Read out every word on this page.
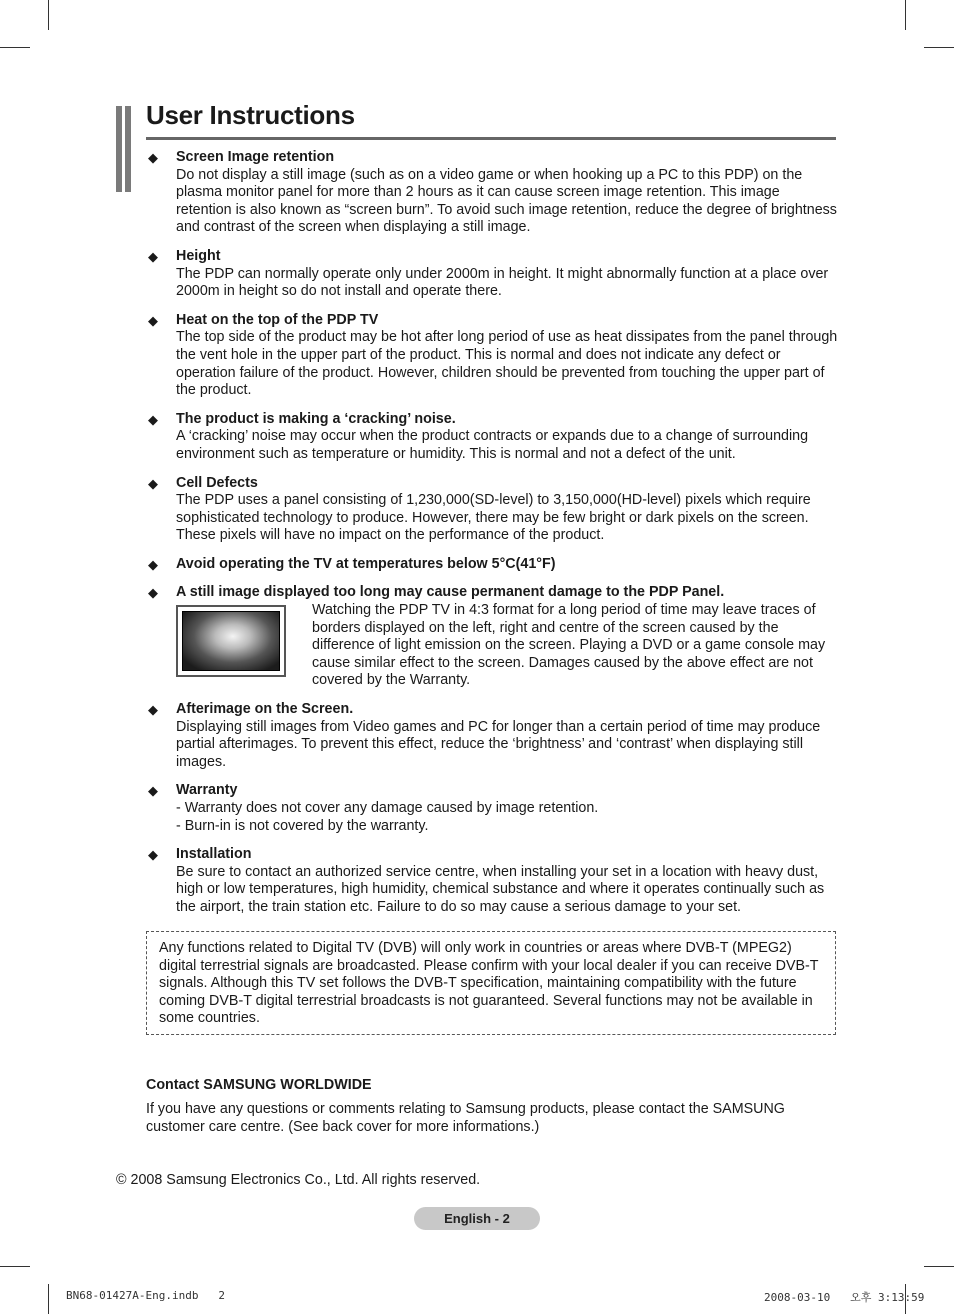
User Instructions
◆ Screen Image retention
Do not display a still image (such as on a video game or when hooking up a PC to this PDP) on the plasma monitor panel for more than 2 hours as it can cause screen image retention. This image retention is also known as “screen burn”. To avoid such image retention, reduce the degree of brightness and contrast of the screen when displaying a still image.
◆ Height
The PDP can normally operate only under 2000m in height. It might abnormally function at a place over 2000m in height so do not install and operate there.
◆ Heat on the top of the PDP TV
The top side of the product may be hot after long period of use as heat dissipates from the panel through the vent hole in the upper part of the product. This is normal and does not indicate any defect or operation failure of the product. However, children should be prevented from touching the upper part of the product.
◆ The product is making a ‘cracking’ noise.
A ‘cracking’ noise may occur when the product contracts or expands due to a change of surrounding environment such as temperature or humidity. This is normal and not a defect of the unit.
◆ Cell Defects
The PDP uses a panel consisting of 1,230,000(SD-level) to 3,150,000(HD-level) pixels which require sophisticated technology to produce. However, there may be few bright or dark pixels on the screen. These pixels will have no impact on the performance of the product.
◆ Avoid operating the TV at temperatures below 5°C(41°F)
◆ A still image displayed too long may cause permanent damage to the PDP Panel.
Watching the PDP TV in 4:3 format for a long period of time may leave traces of borders displayed on the left, right and centre of the screen caused by the difference of light emission on the screen. Playing a DVD or a game console may cause similar effect to the screen. Damages caused by the above effect are not covered by the Warranty.
◆ Afterimage on the Screen.
Displaying still images from Video games and PC for longer than a certain period of time may produce partial afterimages. To prevent this effect, reduce the ‘brightness’ and ‘contrast’ when displaying still images.
◆ Warranty
- Warranty does not cover any damage caused by image retention.
- Burn-in is not covered by the warranty.
◆ Installation
Be sure to contact an authorized service centre, when installing your set in a location with heavy dust, high or low temperatures, high humidity, chemical substance and where it operates continually such as the airport, the train station etc. Failure to do so may cause a serious damage to your set.
Any functions related to Digital TV (DVB) will only work in countries or areas where DVB-T (MPEG2) digital terrestrial signals are broadcasted. Please confirm with your local dealer if you can receive DVB-T signals. Although this TV set follows the DVB-T specification, maintaining compatibility with the future coming DVB-T digital terrestrial broadcasts is not guaranteed. Several functions may not be available in some countries.

Contact SAMSUNG WORLDWIDE

If you have any questions or comments relating to Samsung products, please contact the SAMSUNG customer care centre. (See back cover for more informations.)

© 2008 Samsung Electronics Co., Ltd. All rights reserved.

English - 2
BN68-01427A-Eng.indb   2	2008-03-10   오후 3:13:59
